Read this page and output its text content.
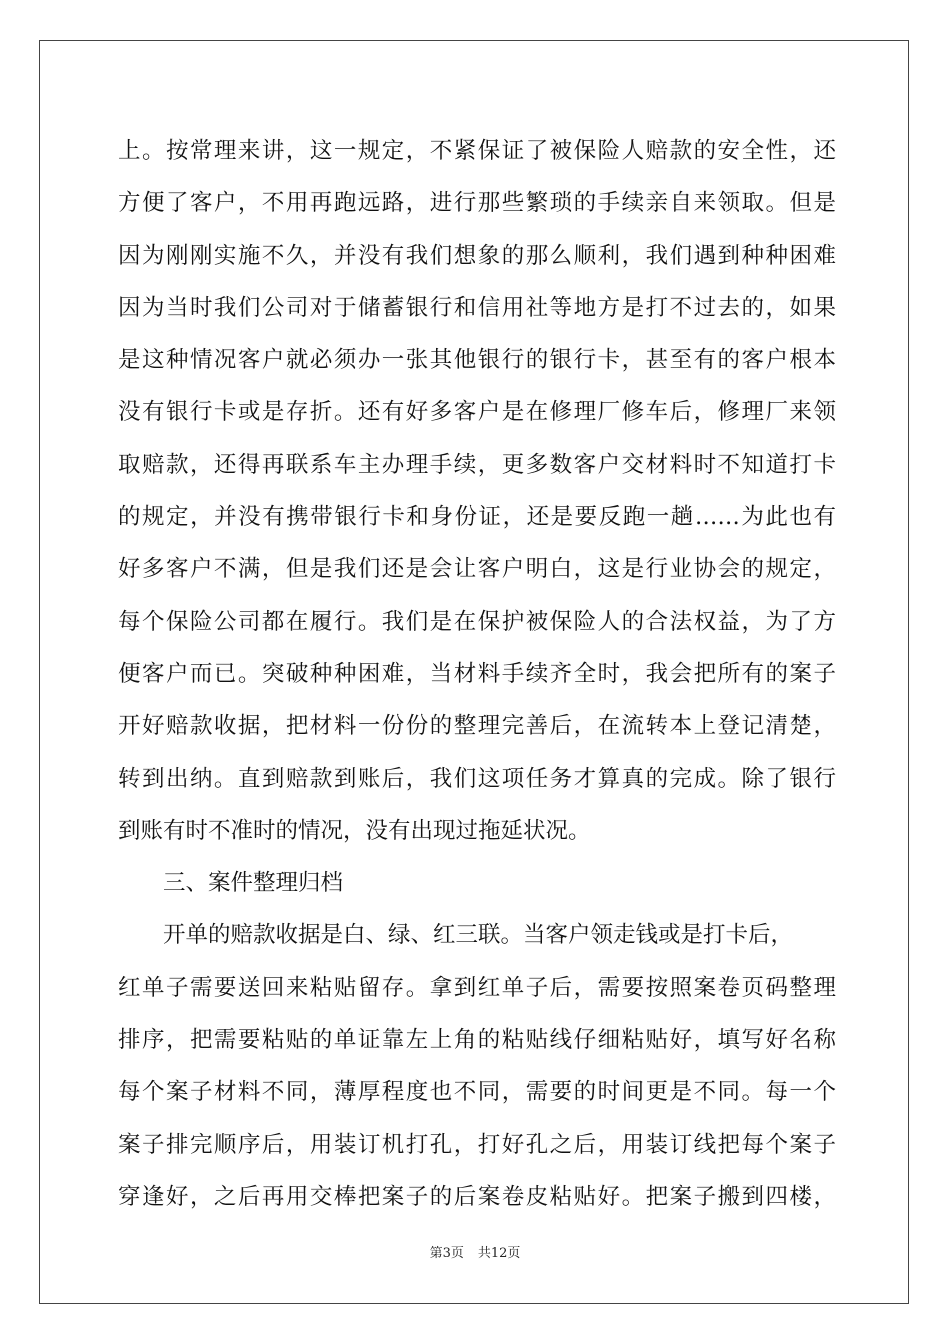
上。按常理来讲，这一规定，不紧保证了被保险人赔款的安全性，还
方便了客户，不用再跑远路，进行那些繁琐的手续亲自来领取。但是
因为刚刚实施不久，并没有我们想象的那么顺利，我们遇到种种困难
因为当时我们公司对于储蓄银行和信用社等地方是打不过去的，如果
是这种情况客户就必须办一张其他银行的银行卡，甚至有的客户根本
没有银行卡或是存折。还有好多客户是在修理厂修车后，修理厂来领
取赔款，还得再联系车主办理手续，更多数客户交材料时不知道打卡
的规定，并没有携带银行卡和身份证，还是要反跑一趟……为此也有
好多客户不满，但是我们还是会让客户明白，这是行业协会的规定，
每个保险公司都在履行。我们是在保护被保险人的合法权益，为了方
便客户而已。突破种种困难，当材料手续齐全时，我会把所有的案子
开好赔款收据，把材料一份份的整理完善后，在流转本上登记清楚，
转到出纳。直到赔款到账后，我们这项任务才算真的完成。除了银行
到账有时不准时的情况，没有出现过拖延状况。
三、案件整理归档
开单的赔款收据是白、绿、红三联。当客户领走钱或是打卡后，
红单子需要送回来粘贴留存。拿到红单子后，需要按照案卷页码整理
排序，把需要粘贴的单证靠左上角的粘贴线仔细粘贴好，填写好名称
每个案子材料不同，薄厚程度也不同，需要的时间更是不同。每一个
案子排完顺序后，用装订机打孔，打好孔之后，用装订线把每个案子
穿逢好，之后再用交棒把案子的后案卷皮粘贴好。把案子搬到四楼，
第3页 共12页
